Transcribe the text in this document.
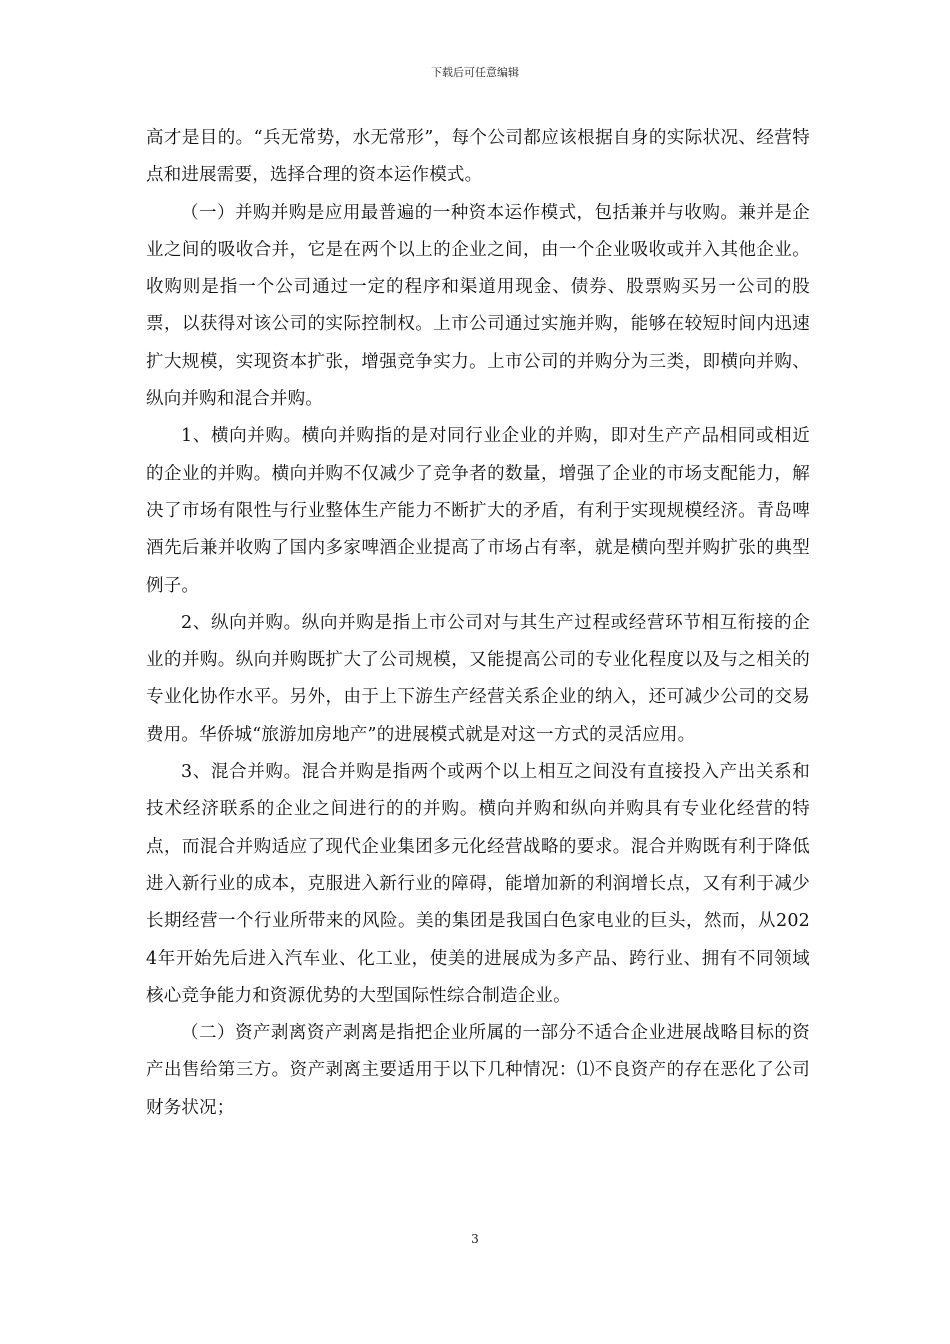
下载后可任意编辑

高才是目的。“兵无常势，水无常形”，每个公司都应该根据自身的实际状况、经营特点和进展需要，选择合理的资本运作模式。

（一）并购并购是应用最普遍的一种资本运作模式，包括兼并与收购。兼并是企业之间的吸收合并，它是在两个以上的企业之间，由一个企业吸收或并入其他企业。收购则是指一个公司通过一定的程序和渠道用现金、债券、股票购买另一公司的股票，以获得对该公司的实际控制权。上市公司通过实施并购，能够在较短时间内迅速扩大规模，实现资本扩张，增强竞争实力。上市公司的并购分为三类，即横向并购、纵向并购和混合并购。

1、横向并购。横向并购指的是对同行业企业的并购，即对生产产品相同或相近的企业的并购。横向并购不仅减少了竞争者的数量，增强了企业的市场支配能力，解决了市场有限性与行业整体生产能力不断扩大的矛盾，有利于实现规模经济。青岛啤酒先后兼并收购了国内多家啤酒企业提高了市场占有率，就是横向型并购扩张的典型例子。

2、纵向并购。纵向并购是指上市公司对与其生产过程或经营环节相互衔接的企业的并购。纵向并购既扩大了公司规模，又能提高公司的专业化程度以及与之相关的专业化协作水平。另外，由于上下游生产经营关系企业的纳入，还可减少公司的交易费用。华侨城“旅游加房地产”的进展模式就是对这一方式的灵活应用。

3、混合并购。混合并购是指两个或两个以上相互之间没有直接投入产出关系和技术经济联系的企业之间进行的的并购。横向并购和纵向并购具有专业化经营的特点，而混合并购适应了现代企业集团多元化经营战略的要求。混合并购既有利于降低进入新行业的成本，克服进入新行业的障碍，能增加新的利润增长点，又有利于减少长期经营一个行业所带来的风险。美的集团是我国白色家电业的巨头，然而，从2024年开始先后进入汽车业、化工业，使美的进展成为多产品、跨行业、拥有不同领域核心竞争能力和资源优势的大型国际性综合制造企业。

（二）资产剥离资产剥离是指把企业所属的一部分不适合企业进展战略目标的资产出售给第三方。资产剥离主要适用于以下几种情况：⑴不良资产的存在恶化了公司财务状况；

3
